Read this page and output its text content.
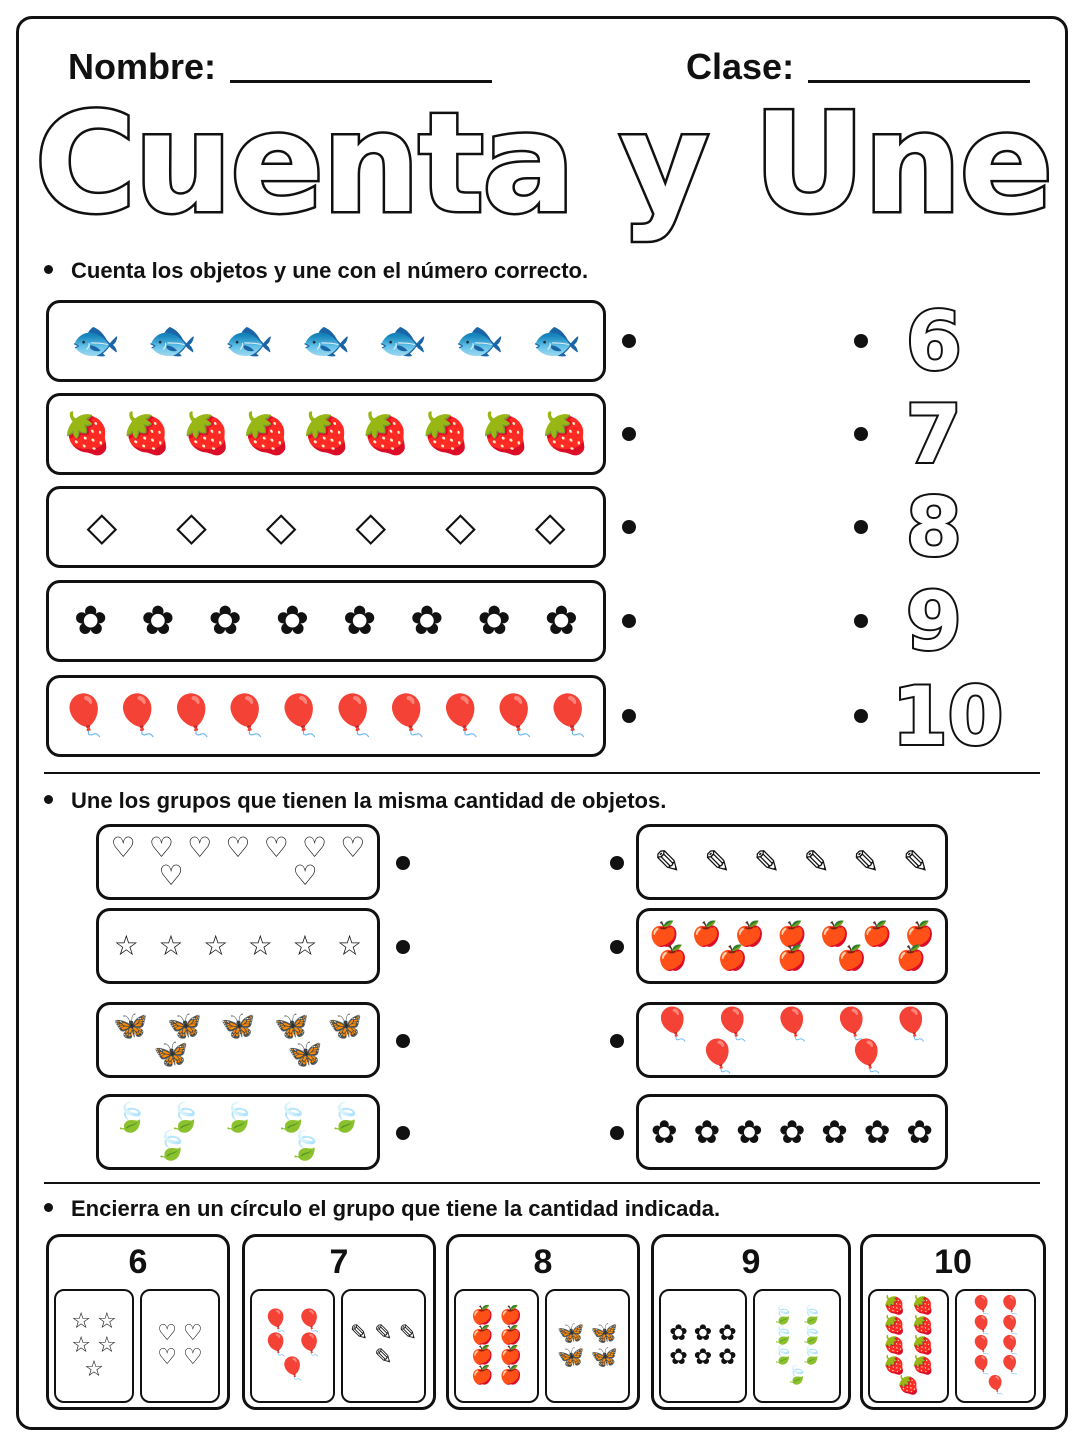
Nombre:	Clase:
Cuenta y Une
Cuenta los objetos y une con el número correcto.
🐟 🐟 🐟 🐟 🐟 🐟 🐟
🍓 🍓 🍓 🍓 🍓 🍓 🍓 🍓 🍓
◇ ◇ ◇ ◇ ◇ ◇
✿ ✿ ✿ ✿ ✿ ✿ ✿ ✿
🎈 🎈 🎈 🎈 🎈 🎈 🎈 🎈 🎈 🎈
6
7
8
9
10
Une los grupos que tienen la misma cantidad de objetos.
♡ ♡ ♡ ♡ ♡ ♡ ♡
♡	♡
☆ ☆ ☆ ☆ ☆ ☆
🦋 🦋 🦋 🦋 🦋
🦋	🦋
🍃 🍃 🍃 🍃 🍃
🍃	🍃
✎ ✎ ✎ ✎ ✎ ✎
🍎 🍎 🍎 🍎 🍎 🍎 🍎
🍎 🍎 🍎 🍎 🍎
🎈 🎈 🎈 🎈 🎈
🎈	🎈
✿ ✿ ✿ ✿ ✿ ✿ ✿
Encierra en un círculo el grupo que tiene la cantidad indicada.
6
☆ ☆
☆ ☆
☆
♡ ♡
♡ ♡
7
🎈 🎈
🎈 🎈
🎈
✎ ✎ ✎
✎
8
🍎 🍎
🍎 🍎
🍎 🍎
🍎 🍎
🦋 🦋
🦋 🦋
9
✿ ✿ ✿
✿ ✿ ✿
🍃 🍃
🍃 🍃
🍃 🍃
🍃
10
🍓 🍓
🍓 🍓
🍓 🍓
🍓 🍓
🍓
🎈 🎈
🎈 🎈
🎈 🎈
🎈 🎈
🎈
